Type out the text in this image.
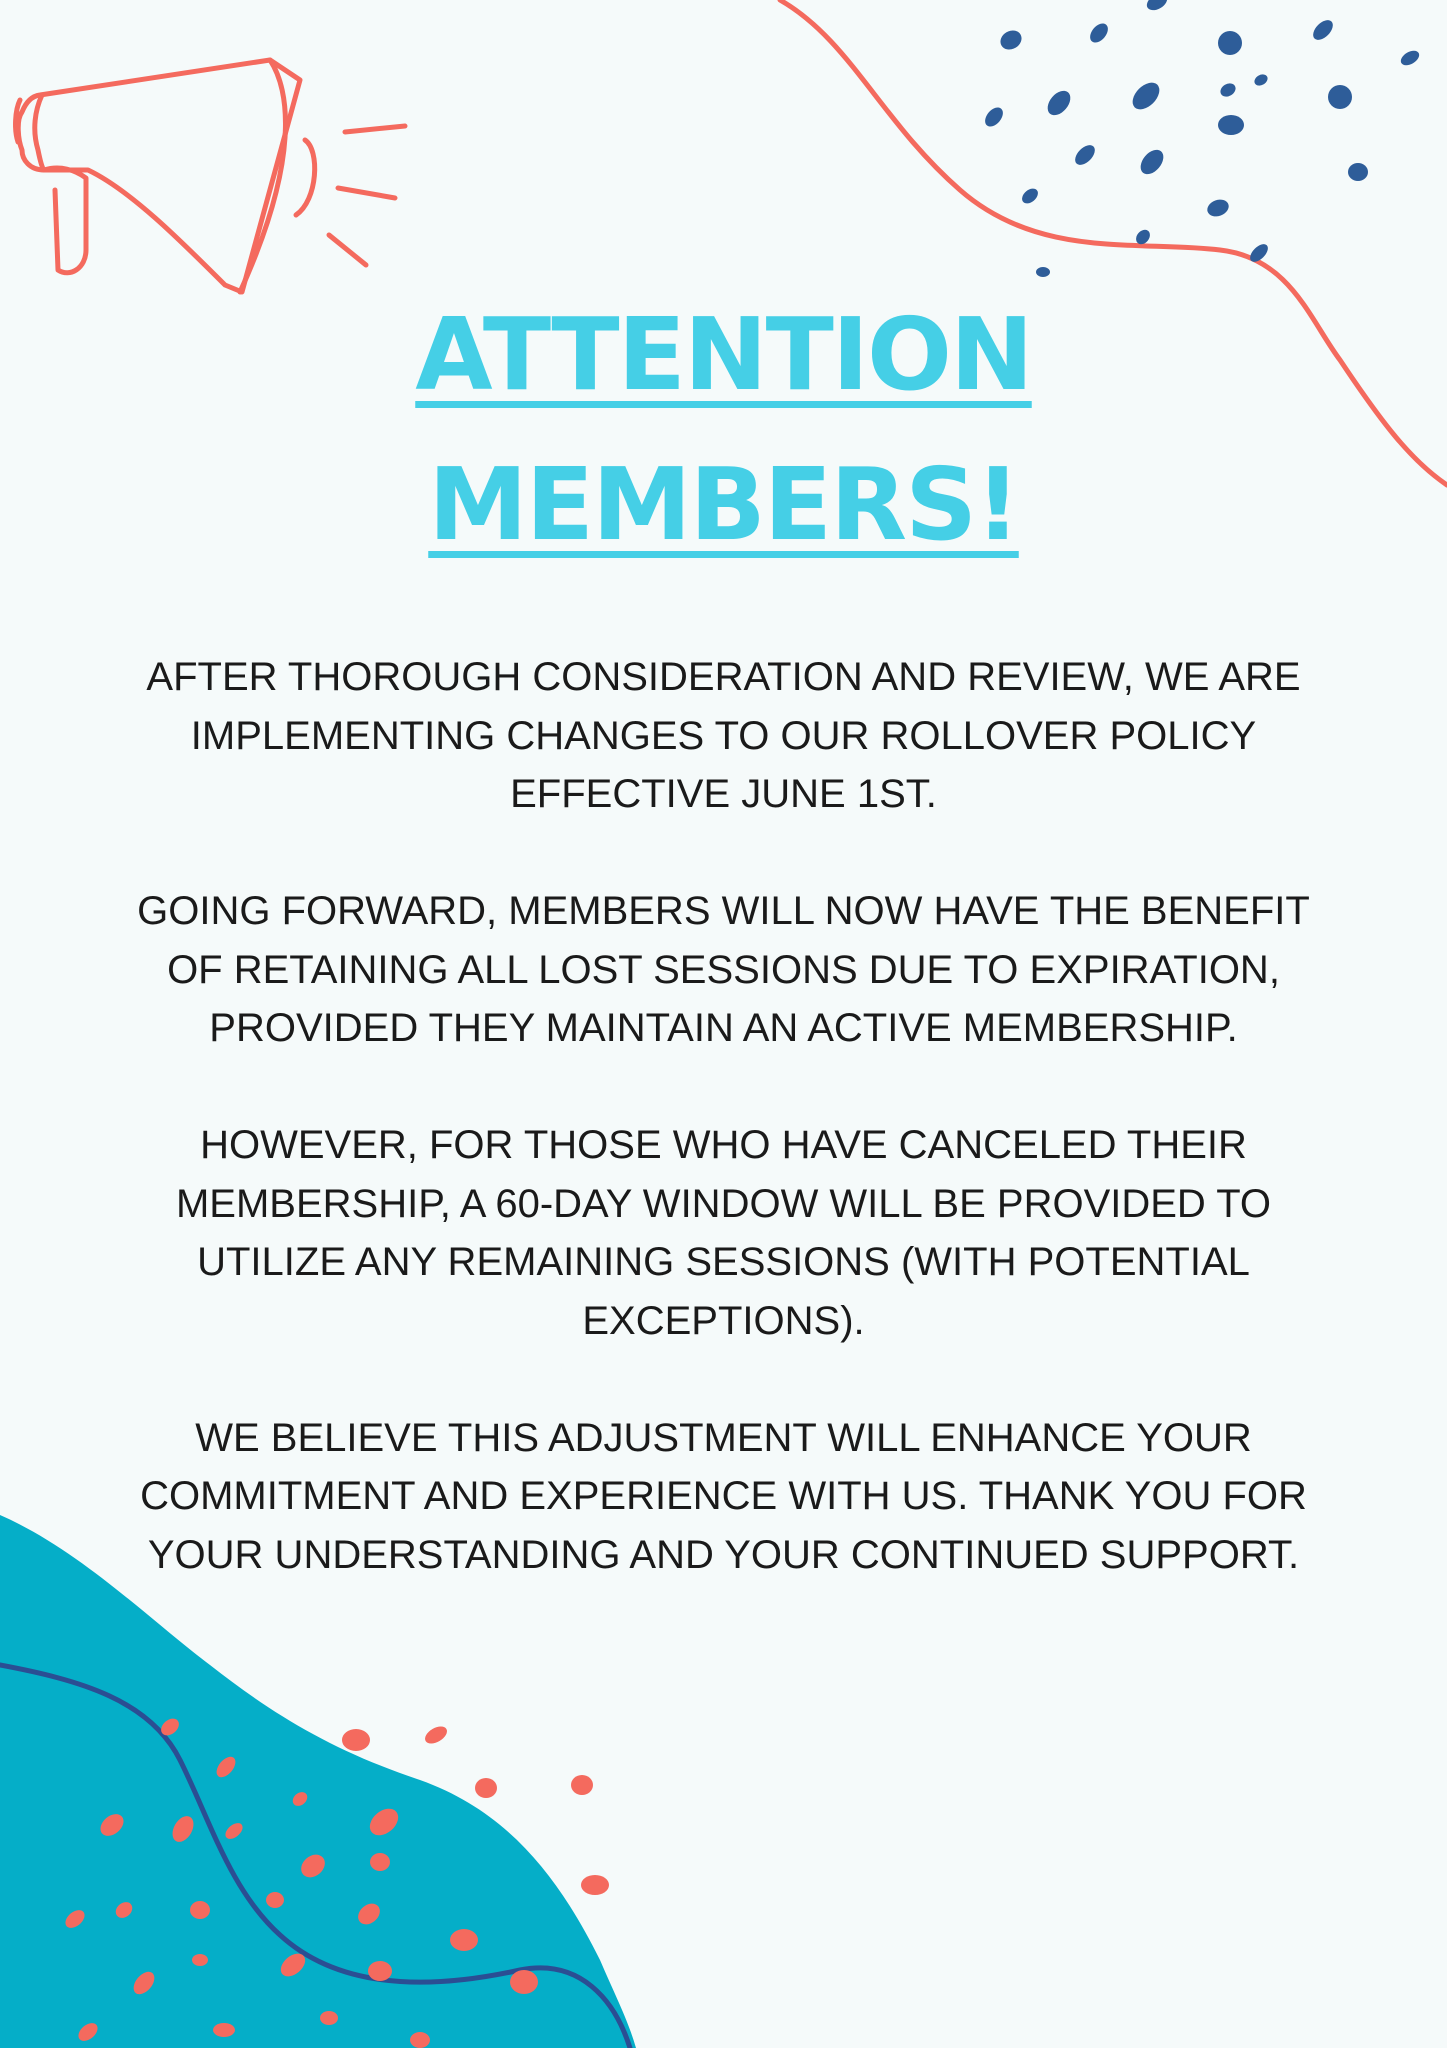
ATTENTION
MEMBERS!

AFTER THOROUGH CONSIDERATION AND REVIEW, WE ARE IMPLEMENTING CHANGES TO OUR ROLLOVER POLICY EFFECTIVE JUNE 1ST.

GOING FORWARD, MEMBERS WILL NOW HAVE THE BENEFIT OF RETAINING ALL LOST SESSIONS DUE TO EXPIRATION, PROVIDED THEY MAINTAIN AN ACTIVE MEMBERSHIP.

HOWEVER, FOR THOSE WHO HAVE CANCELED THEIR MEMBERSHIP, A 60-DAY WINDOW WILL BE PROVIDED TO UTILIZE ANY REMAINING SESSIONS (WITH POTENTIAL EXCEPTIONS).

WE BELIEVE THIS ADJUSTMENT WILL ENHANCE YOUR COMMITMENT AND EXPERIENCE WITH US. THANK YOU FOR YOUR UNDERSTANDING AND YOUR CONTINUED SUPPORT.
